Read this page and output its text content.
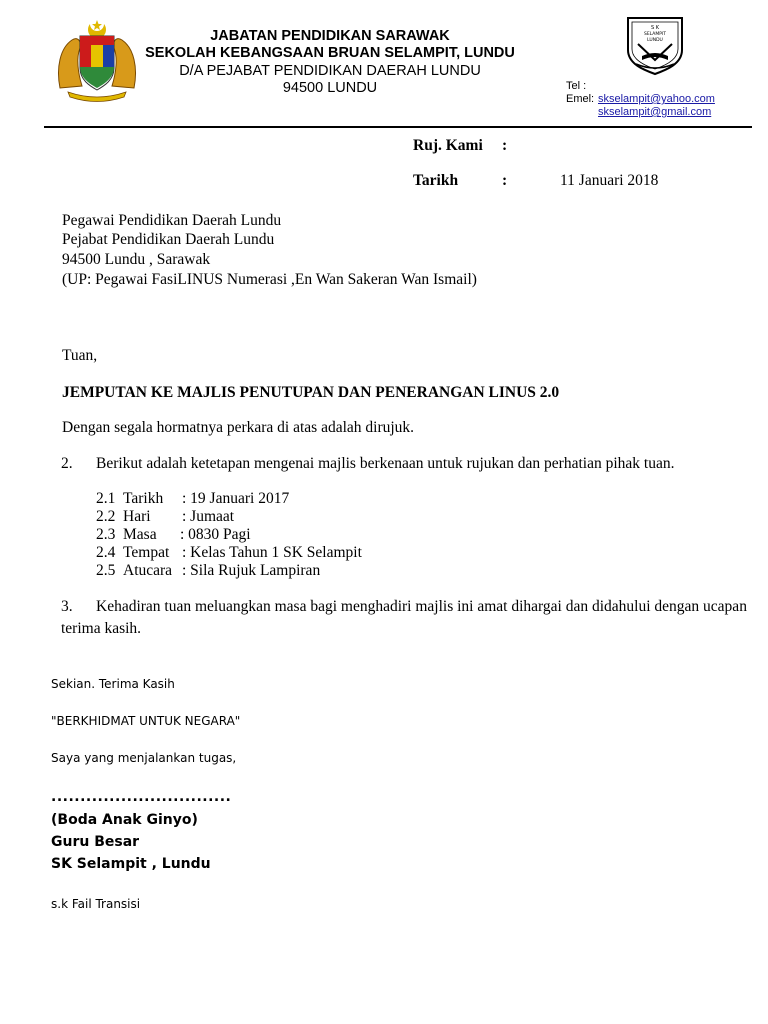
JABATAN PENDIDIKAN SARAWAK
SEKOLAH KEBANGSAAN BRUAN SELAMPIT, LUNDU
D/A PEJABAT PENDIDIKAN DAERAH LUNDU
94500 LUNDU
S K
SELAMPIT
LUNDU
Tel :
Emel: skselampit@yahoo.com
skselampit@gmail.com
Ruj. Kami :
Tarikh	:	11 Januari 2018
Pegawai Pendidikan Daerah Lundu
Pejabat Pendidikan Daerah Lundu
94500 Lundu , Sarawak
(UP: Pegawai FasiLINUS Numerasi ,En Wan Sakeran Wan Ismail)
Tuan,
JEMPUTAN KE MAJLIS PENUTUPAN DAN PENERANGAN LINUS 2.0
Dengan segala hormatnya perkara di atas adalah dirujuk.
2. Berikut adalah ketetapan mengenai majlis berkenaan untuk rujukan dan perhatian pihak tuan.
2.1 Tarikh : 19 Januari 2017
2.2 Hari : Jumaat
2.3 Masa : 0830 Pagi
2.4 Tempat : Kelas Tahun 1 SK Selampit
2.5 Atucara : Sila Rujuk Lampiran
3. Kehadiran tuan meluangkan masa bagi menghadiri majlis ini amat dihargai dan didahului dengan ucapan
terima kasih.
Sekian. Terima Kasih
"BERKHIDMAT UNTUK NEGARA"
Saya yang menjalankan tugas,
...............................
(Boda Anak Ginyo)
Guru Besar
SK Selampit , Lundu
s.k Fail Transisi
